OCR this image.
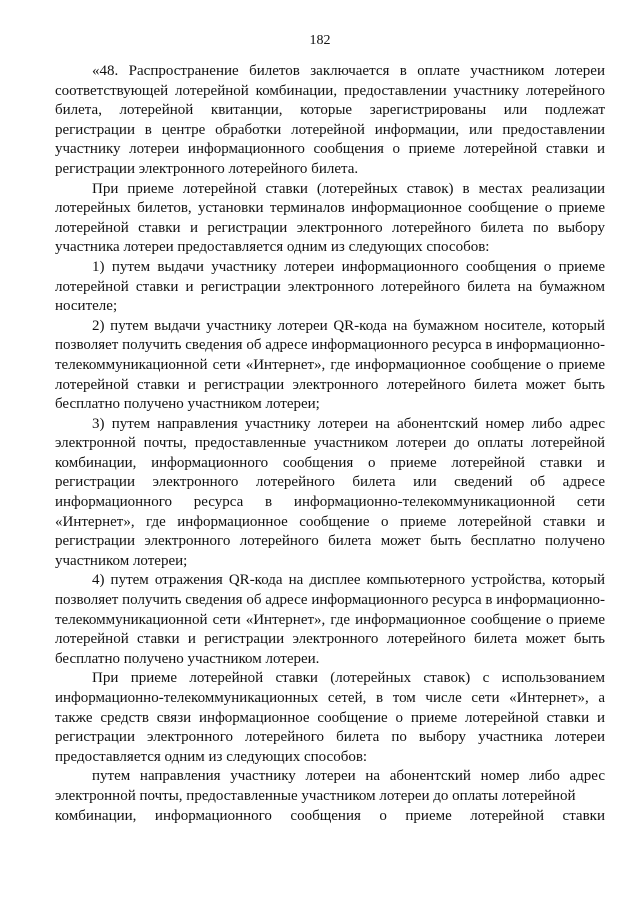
182

«48. Распространение билетов заключается в оплате участником лотереи соответствующей лотерейной комбинации, предоставлении участнику лотерейного билета, лотерейной квитанции, которые зарегистрированы или подлежат регистрации в центре обработки лотерейной информации, или предоставлении участнику лотереи информационного сообщения о приеме лотерейной ставки и регистрации электронного лотерейного билета.

При приеме лотерейной ставки (лотерейных ставок) в местах реализации лотерейных билетов, установки терминалов информационное сообщение о приеме лотерейной ставки и регистрации электронного лотерейного билета по выбору участника лотереи предоставляется одним из следующих способов:

1) путем выдачи участнику лотереи информационного сообщения о приеме лотерейной ставки и регистрации электронного лотерейного билета на бумажном носителе;

2) путем выдачи участнику лотереи QR-кода на бумажном носителе, который позволяет получить сведения об адресе информационного ресурса в информационно-телекоммуникационной сети «Интернет», где информационное сообщение о приеме лотерейной ставки и регистрации электронного лотерейного билета может быть бесплатно получено участником лотереи;

3) путем направления участнику лотереи на абонентский номер либо адрес электронной почты, предоставленные участником лотереи до оплаты лотерейной комбинации, информационного сообщения о приеме лотерейной ставки и регистрации электронного лотерейного билета или сведений об адресе информационного ресурса в информационно-телекоммуникационной сети «Интернет», где информационное сообщение о приеме лотерейной ставки и регистрации электронного лотерейного билета может быть бесплатно получено участником лотереи;

4) путем отражения QR-кода на дисплее компьютерного устройства, который позволяет получить сведения об адресе информационного ресурса в информационно-телекоммуникационной сети «Интернет», где информационное сообщение о приеме лотерейной ставки и регистрации электронного лотерейного билета может быть бесплатно получено участником лотереи.

При приеме лотерейной ставки (лотерейных ставок) с использованием информационно-телекоммуникационных сетей, в том числе сети «Интернет», а также средств связи информационное сообщение о приеме лотерейной ставки и регистрации электронного лотерейного билета по выбору участника лотереи предоставляется одним из следующих способов:

путем направления участнику лотереи на абонентский номер либо адрес электронной почты, предоставленные участником лотереи до оплаты лотерейной

комбинации, информационного сообщения о приеме лотерейной ставки
